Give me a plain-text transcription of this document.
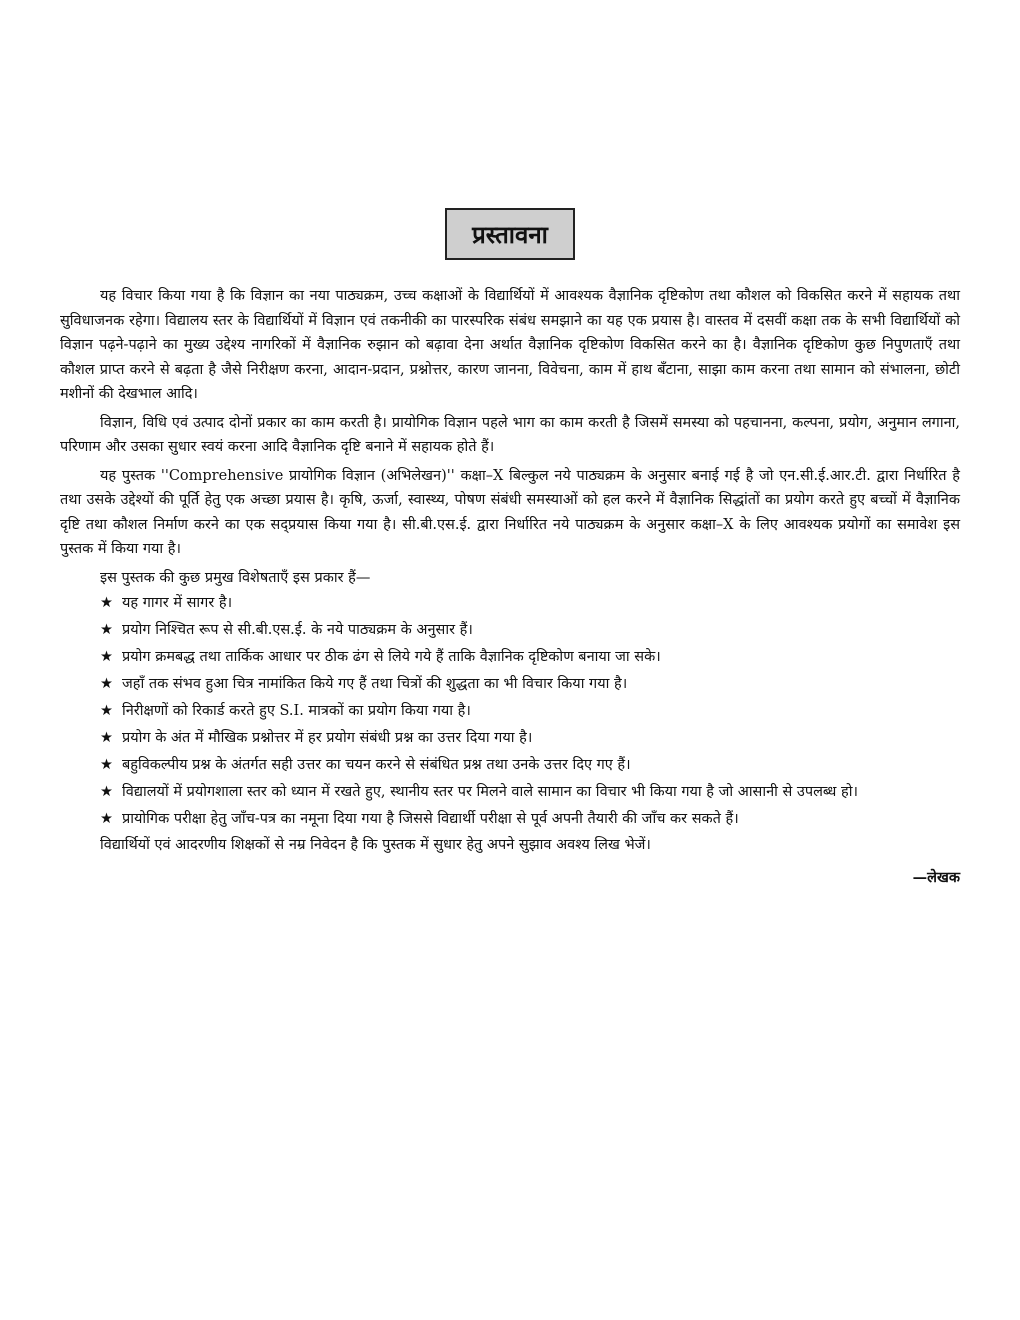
प्रस्तावना

यह विचार किया गया है कि विज्ञान का नया पाठ्यक्रम, उच्च कक्षाओं के विद्यार्थियों में आवश्यक वैज्ञानिक दृष्टिकोण तथा कौशल को विकसित करने में सहायक तथा सुविधाजनक रहेगा। विद्यालय स्तर के विद्यार्थियों में विज्ञान एवं तकनीकी का पारस्परिक संबंध समझाने का यह एक प्रयास है। वास्तव में दसवीं कक्षा तक के सभी विद्यार्थियों को विज्ञान पढ़ने-पढ़ाने का मुख्य उद्देश्य नागरिकों में वैज्ञानिक रुझान को बढ़ावा देना अर्थात वैज्ञानिक दृष्टिकोण विकसित करने का है। वैज्ञानिक दृष्टिकोण कुछ निपुणताएँ तथा कौशल प्राप्त करने से बढ़ता है जैसे निरीक्षण करना, आदान-प्रदान, प्रश्नोत्तर, कारण जानना, विवेचना, काम में हाथ बँटाना, साझा काम करना तथा सामान को संभालना, छोटी मशीनों की देखभाल आदि।

विज्ञान, विधि एवं उत्पाद दोनों प्रकार का काम करती है। प्रायोगिक विज्ञान पहले भाग का काम करती है जिसमें समस्या को पहचानना, कल्पना, प्रयोग, अनुमान लगाना, परिणाम और उसका सुधार स्वयं करना आदि वैज्ञानिक दृष्टि बनाने में सहायक होते हैं।

यह पुस्तक ''Comprehensive प्रायोगिक विज्ञान (अभिलेखन)'' कक्षा–X बिल्कुल नये पाठ्यक्रम के अनुसार बनाई गई है जो एन.सी.ई.आर.टी. द्वारा निर्धारित है तथा उसके उद्देश्यों की पूर्ति हेतु एक अच्छा प्रयास है। कृषि, ऊर्जा, स्वास्थ्य, पोषण संबंधी समस्याओं को हल करने में वैज्ञानिक सिद्धांतों का प्रयोग करते हुए बच्चों में वैज्ञानिक दृष्टि तथा कौशल निर्माण करने का एक सद्प्रयास किया गया है। सी.बी.एस.ई. द्वारा निर्धारित नये पाठ्यक्रम के अनुसार कक्षा–X के लिए आवश्यक प्रयोगों का समावेश इस पुस्तक में किया गया है।

इस पुस्तक की कुछ प्रमुख विशेषताएँ इस प्रकार हैं—

★ यह गागर में सागर है।
★ प्रयोग निश्चित रूप से सी.बी.एस.ई. के नये पाठ्यक्रम के अनुसार हैं।
★ प्रयोग क्रमबद्ध तथा तार्किक आधार पर ठीक ढंग से लिये गये हैं ताकि वैज्ञानिक दृष्टिकोण बनाया जा सके।
★ जहाँ तक संभव हुआ चित्र नामांकित किये गए हैं तथा चित्रों की शुद्धता का भी विचार किया गया है।
★ निरीक्षणों को रिकार्ड करते हुए S.I. मात्रकों का प्रयोग किया गया है।
★ प्रयोग के अंत में मौखिक प्रश्नोत्तर में हर प्रयोग संबंधी प्रश्न का उत्तर दिया गया है।
★ बहुविकल्पीय प्रश्न के अंतर्गत सही उत्तर का चयन करने से संबंधित प्रश्न तथा उनके उत्तर दिए गए हैं।
★ विद्यालयों में प्रयोगशाला स्तर को ध्यान में रखते हुए, स्थानीय स्तर पर मिलने वाले सामान का विचार भी किया गया है जो आसानी से उपलब्ध हो।
★ प्रायोगिक परीक्षा हेतु जाँच-पत्र का नमूना दिया गया है जिससे विद्यार्थी परीक्षा से पूर्व अपनी तैयारी की जाँच कर सकते हैं।

विद्यार्थियों एवं आदरणीय शिक्षकों से नम्र निवेदन है कि पुस्तक में सुधार हेतु अपने सुझाव अवश्य लिख भेजें।

—लेखक
